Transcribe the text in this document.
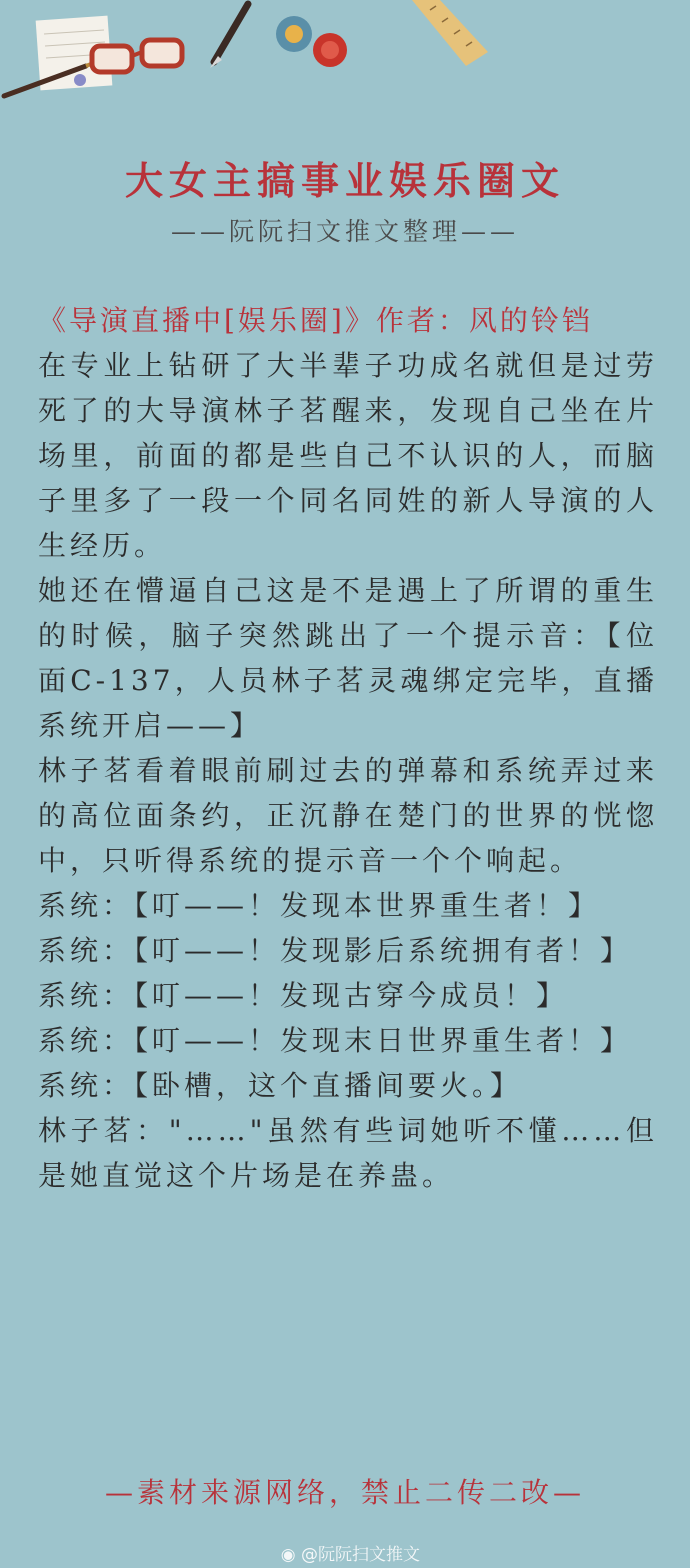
大女主搞事业娱乐圈文
——阮阮扫文推文整理——

《导演直播中[娱乐圈]》作者：风的铃铛

在专业上钻研了大半辈子功成名就但是过劳死了的大导演林子茗醒来，发现自己坐在片场里，前面的都是些自己不认识的人，而脑子里多了一段一个同名同姓的新人导演的人生经历。

她还在懵逼自己这是不是遇上了所谓的重生的时候，脑子突然跳出了一个提示音：【位面C-137，人员林子茗灵魂绑定完毕，直播系统开启——】

林子茗看着眼前刷过去的弹幕和系统弄过来的高位面条约，正沉静在楚门的世界的恍惚中，只听得系统的提示音一个个响起。

系统：【叮——！发现本世界重生者！】

系统：【叮——！发现影后系统拥有者！】

系统：【叮——！发现古穿今成员！】

系统：【叮——！发现末日世界重生者！】

系统：【卧槽，这个直播间要火。】

林子茗："……"虽然有些词她听不懂……但是她直觉这个片场是在养蛊。

—素材来源网络，禁止二传二改—
◉ @阮阮扫文推文
